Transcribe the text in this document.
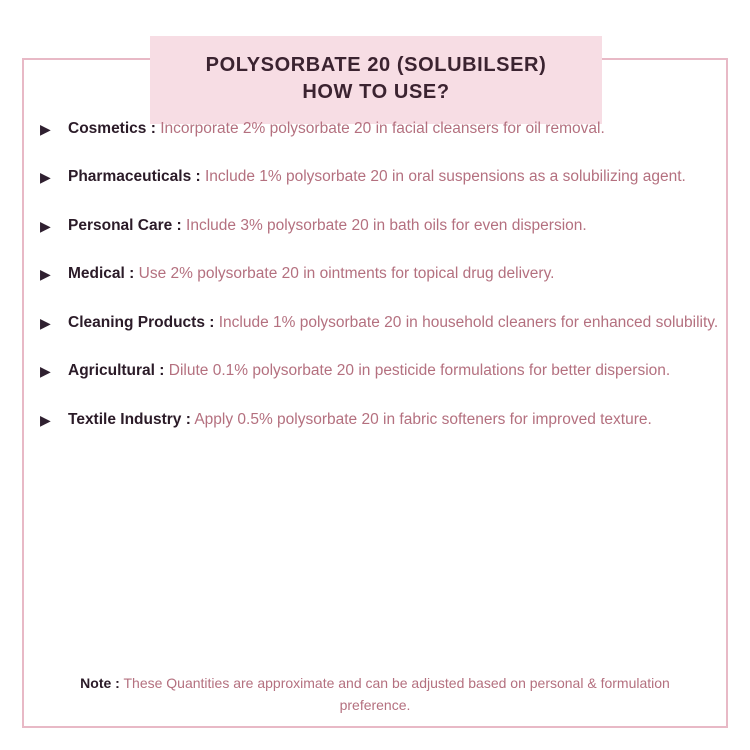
POLYSORBATE 20 (SOLUBILSER)
HOW TO USE?
▶	Cosmetics : Incorporate 2% polysorbate 20 in facial cleansers for oil removal.
▶	Pharmaceuticals : Include 1% polysorbate 20 in oral suspensions as a solubilizing agent.
▶	Personal Care : Include 3% polysorbate 20 in bath oils for even dispersion.
▶	Medical : Use 2% polysorbate 20 in ointments for topical drug delivery.
▶	Cleaning Products : Include 1% polysorbate 20 in household cleaners for enhanced solubility.
▶	Agricultural : Dilute 0.1% polysorbate 20 in pesticide formulations for better dispersion.
▶	Textile Industry : Apply 0.5% polysorbate 20 in fabric softeners for improved texture.
Note : These Quantities are approximate and can be adjusted based on personal & formulation preference.
